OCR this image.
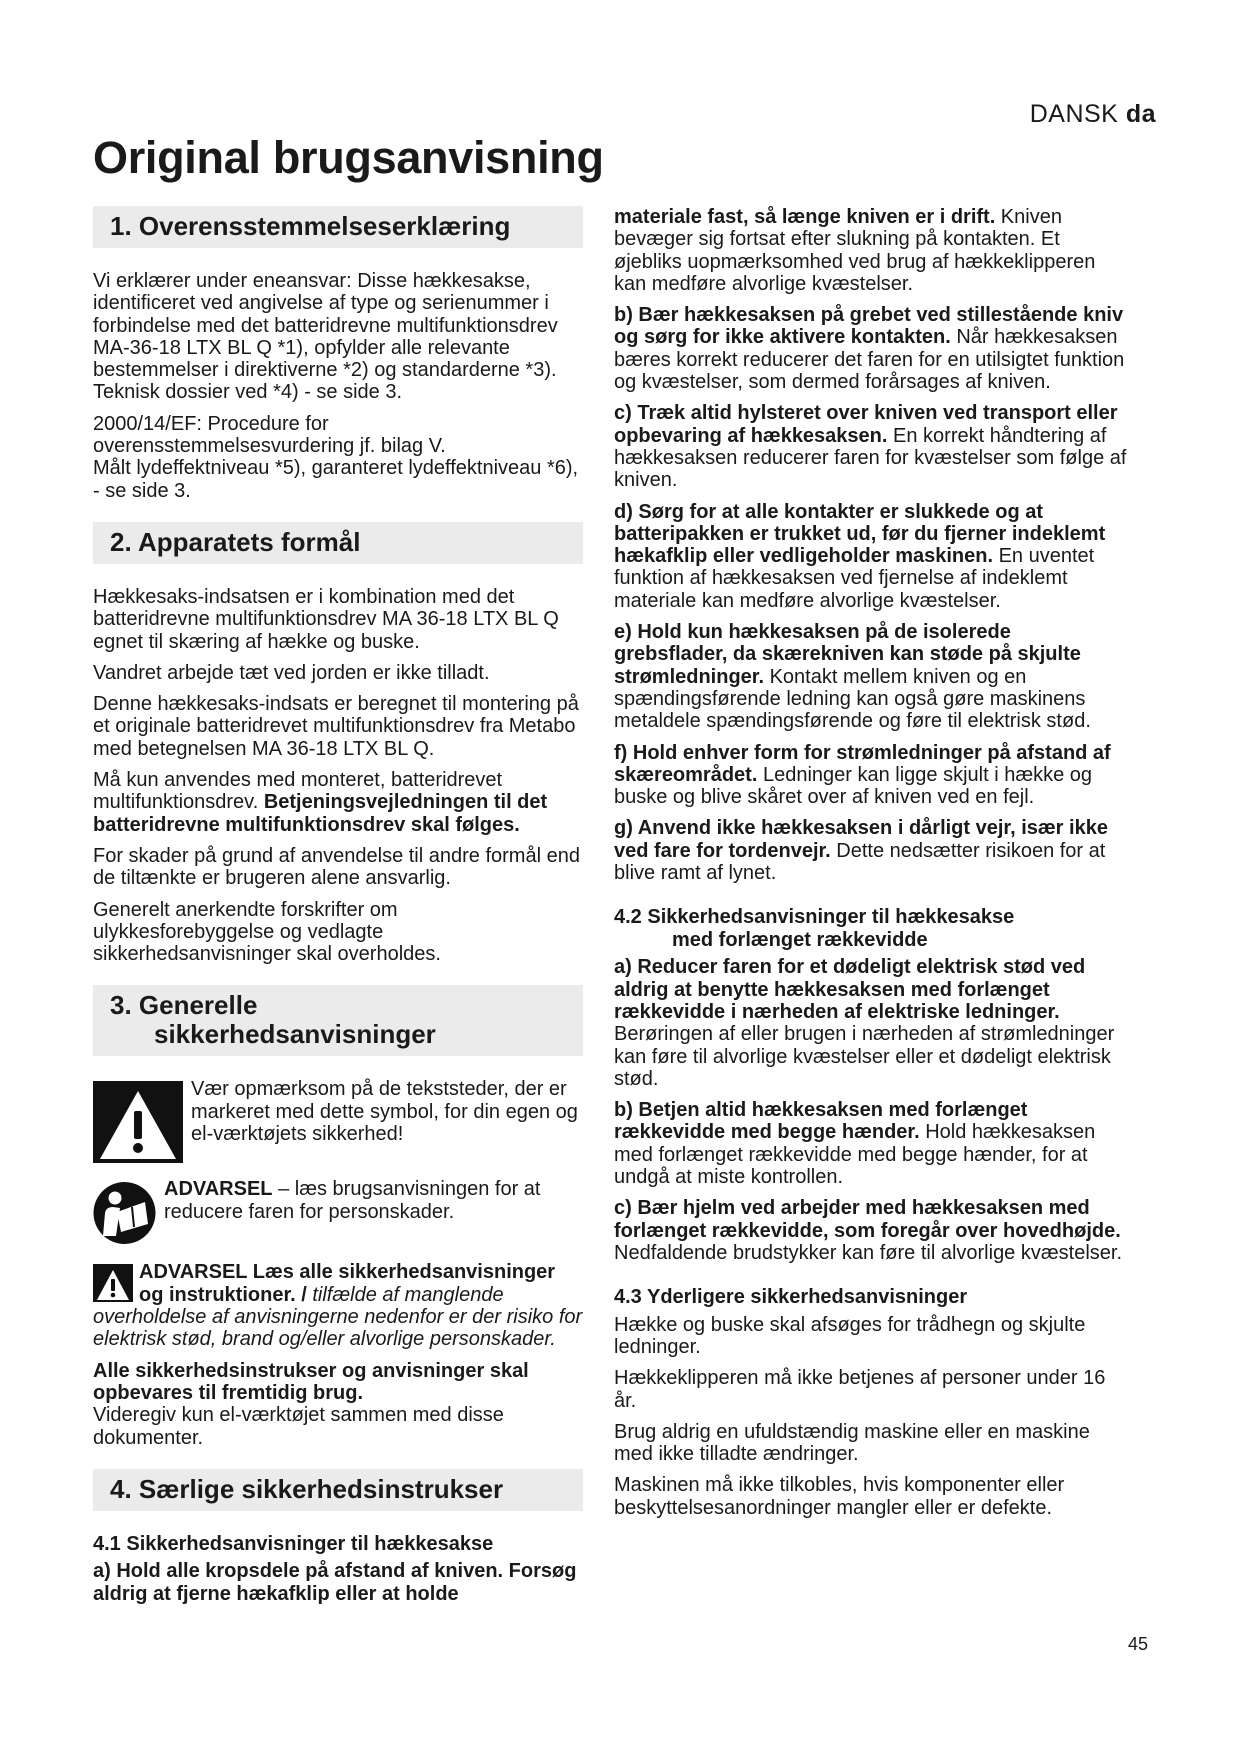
DANSK da
Original brugsanvisning
1. Overensstemmelseserklæring

Vi erklærer under eneansvar: Disse hækkesakse, identificeret ved angivelse af type og serienummer i forbindelse med det batteridrevne multifunktionsdrev MA-36-18 LTX BL Q *1), opfylder alle relevante bestemmelser i direktiverne *2) og standarderne *3). Teknisk dossier ved *4) - se side 3.

2000/14/EF: Procedure for overensstemmelsesvurdering jf. bilag V.
Målt lydeffektniveau *5), garanteret lydeffektniveau *6), - se side 3.

2. Apparatets formål

Hækkesaks-indsatsen er i kombination med det batteridrevne multifunktionsdrev MA 36-18 LTX BL Q egnet til skæring af hække og buske.

Vandret arbejde tæt ved jorden er ikke tilladt.

Denne hækkesaks-indsats er beregnet til montering på et originale batteridrevet multifunktionsdrev fra Metabo med betegnelsen MA 36-18 LTX BL Q.

Må kun anvendes med monteret, batteridrevet multifunktionsdrev. Betjeningsvejledningen til det batteridrevne multifunktionsdrev skal følges.

For skader på grund af anvendelse til andre formål end de tiltænkte er brugeren alene ansvarlig.

Generelt anerkendte forskrifter om ulykkesforebyggelse og vedlagte sikkerhedsanvisninger skal overholdes.

3. Generelle
sikkerhedsanvisninger
Vær opmærksom på de tekststeder, der er markeret med dette symbol, for din egen og el-værktøjets sikkerhed!
ADVARSEL – læs brugsanvisningen for at reducere faren for personskader.

ADVARSEL Læs alle sikkerhedsanvisninger og instruktioner. / tilfælde af manglende overholdelse af anvisningerne nedenfor er der risiko for elektrisk stød, brand og/eller alvorlige personskader.

Alle sikkerhedsinstrukser og anvisninger skal opbevares til fremtidig brug.
Videregiv kun el-værktøjet sammen med disse dokumenter.

4. Særlige sikkerhedsinstrukser
4.1 Sikkerhedsanvisninger til hækkesakse

a) Hold alle kropsdele på afstand af kniven. Forsøg aldrig at fjerne hækafklip eller at holde

materiale fast, så længe kniven er i drift. Kniven bevæger sig fortsat efter slukning på kontakten. Et øjebliks uopmærksomhed ved brug af hækkeklipperen kan medføre alvorlige kvæstelser.

b) Bær hækkesaksen på grebet ved stillestående kniv og sørg for ikke aktivere kontakten. Når hækkesaksen bæres korrekt reducerer det faren for en utilsigtet funktion og kvæstelser, som dermed forårsages af kniven.

c) Træk altid hylsteret over kniven ved transport eller opbevaring af hækkesaksen. En korrekt håndtering af hækkesaksen reducerer faren for kvæstelser som følge af kniven.

d) Sørg for at alle kontakter er slukkede og at batteripakken er trukket ud, før du fjerner indeklemt hækafklip eller vedligeholder maskinen. En uventet funktion af hækkesaksen ved fjernelse af indeklemt materiale kan medføre alvorlige kvæstelser.

e) Hold kun hækkesaksen på de isolerede grebsflader, da skærekniven kan støde på skjulte strømledninger. Kontakt mellem kniven og en spændingsførende ledning kan også gøre maskinens metaldele spændingsførende og føre til elektrisk stød.

f) Hold enhver form for strømledninger på afstand af skæreområdet. Ledninger kan ligge skjult i hække og buske og blive skåret over af kniven ved en fejl.

g) Anvend ikke hækkesaksen i dårligt vejr, især ikke ved fare for tordenvejr. Dette nedsætter risikoen for at blive ramt af lynet.

4.2 Sikkerhedsanvisninger til hækkesakse
med forlænget rækkevidde

a) Reducer faren for et dødeligt elektrisk stød ved aldrig at benytte hækkesaksen med forlænget rækkevidde i nærheden af elektriske ledninger. Berøringen af eller brugen i nærheden af strømledninger kan føre til alvorlige kvæstelser eller et dødeligt elektrisk stød.

b) Betjen altid hækkesaksen med forlænget rækkevidde med begge hænder. Hold hækkesaksen med forlænget rækkevidde med begge hænder, for at undgå at miste kontrollen.

c) Bær hjelm ved arbejder med hækkesaksen med forlænget rækkevidde, som foregår over hovedhøjde. Nedfaldende brudstykker kan føre til alvorlige kvæstelser.

4.3 Yderligere sikkerhedsanvisninger

Hække og buske skal afsøges for trådhegn og skjulte ledninger.

Hækkeklipperen må ikke betjenes af personer under 16 år.

Brug aldrig en ufuldstændig maskine eller en maskine med ikke tilladte ændringer.

Maskinen må ikke tilkobles, hvis komponenter eller beskyttelsesanordninger mangler eller er defekte.

45
